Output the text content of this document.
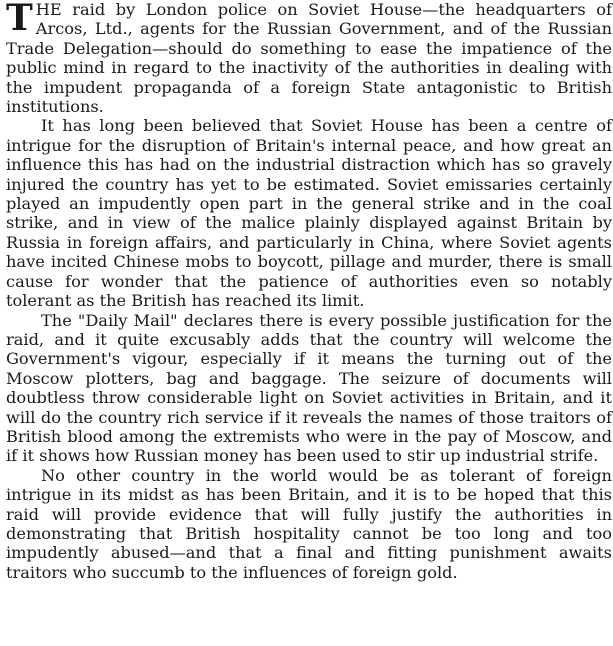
THE raid by London police on Soviet House—the headquarters of Arcos, Ltd., agents for the Russian Government, and of the Russian Trade Delegation—should do something to ease the impatience of the public mind in regard to the inactivity of the authorities in dealing with the impudent propaganda of a foreign State antagonistic to British institutions.

It has long been believed that Soviet House has been a centre of intrigue for the disruption of Britain's internal peace, and how great an influence this has had on the industrial distraction which has so gravely injured the country has yet to be estimated. Soviet emissaries certainly played an impudently open part in the general strike and in the coal strike, and in view of the malice plainly displayed against Britain by Russia in foreign affairs, and particularly in China, where Soviet agents have incited Chinese mobs to boycott, pillage and murder, there is small cause for wonder that the patience of authorities even so notably tolerant as the British has reached its limit.

The "Daily Mail" declares there is every possible justification for the raid, and it quite excusably adds that the country will welcome the Government's vigour, especially if it means the turning out of the Moscow plotters, bag and baggage. The seizure of documents will doubtless throw considerable light on Soviet activities in Britain, and it will do the country rich service if it reveals the names of those traitors of British blood among the extremists who were in the pay of Moscow, and if it shows how Russian money has been used to stir up industrial strife.

No other country in the world would be as tolerant of foreign intrigue in its midst as has been Britain, and it is to be hoped that this raid will provide evidence that will fully justify the authorities in demonstrating that British hospitality cannot be too long and too impudently abused—and that a final and fitting punishment awaits traitors who succumb to the influences of foreign gold.
